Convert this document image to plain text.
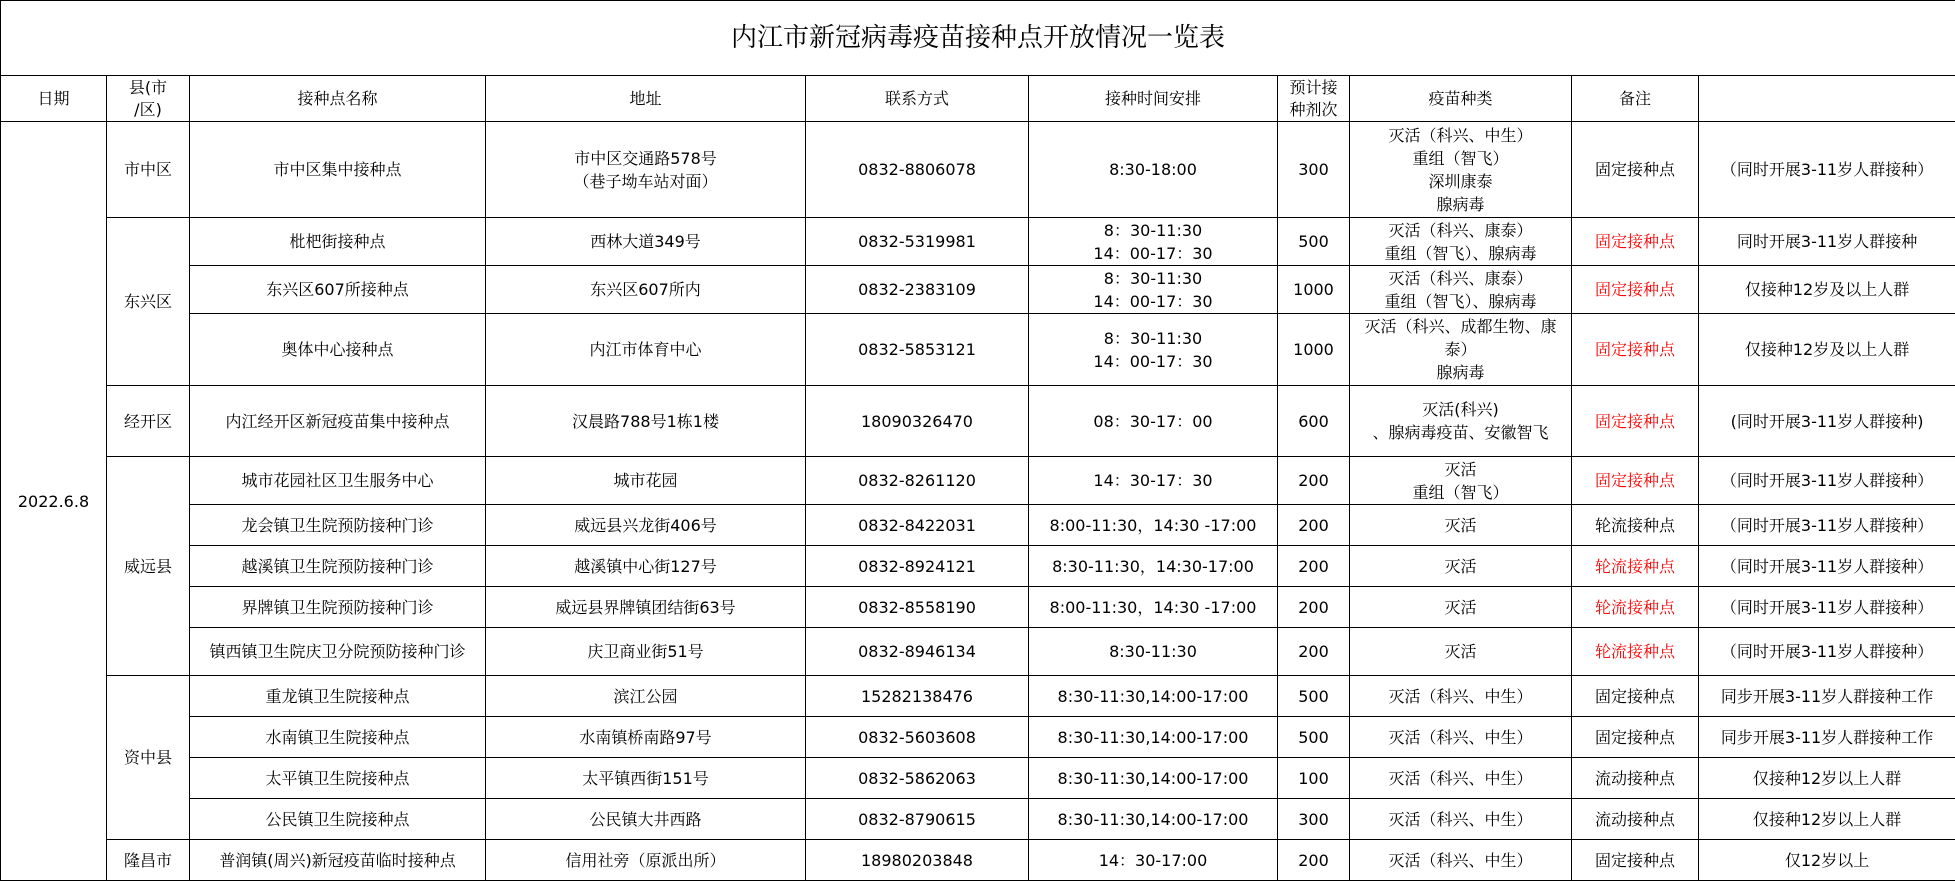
内江市新冠病毒疫苗接种点开放情况一览表									
日期	县(市
/区)	接种点名称	地址	联系方式	接种时间安排	预计接
种剂次	疫苗种类	备注	
2022.6.8	市中区	市中区集中接种点	市中区交通路578号
（巷子坳车站对面）	0832-8806078	8:30-18:00	300	灭活（科兴、中生）
重组（智飞）
深圳康泰
腺病毒	固定接种点	（同时开展3-11岁人群接种）
	东兴区	枇杷街接种点	西林大道349号	0832-5319981	8：30-11:30
14：00-17：30	500	灭活（科兴、康泰）
重组（智飞）、腺病毒	固定接种点	同时开展3-11岁人群接种
		东兴区607所接种点	东兴区607所内	0832-2383109	8：30-11:30
14：00-17：30	1000	灭活（科兴、康泰）
重组（智飞）、腺病毒	固定接种点	仅接种12岁及以上人群
		奥体中心接种点	内江市体育中心	0832-5853121	8：30-11:30
14：00-17：30	1000	灭活（科兴、成都生物、康
泰）
腺病毒	固定接种点	仅接种12岁及以上人群
	经开区	内江经开区新冠疫苗集中接种点	汉晨路788号1栋1楼	18090326470	08：30-17：00	600	灭活(科兴)
、腺病毒疫苗、安徽智飞	固定接种点	(同时开展3-11岁人群接种)
	威远县	城市花园社区卫生服务中心	城市花园	0832-8261120	14：30-17：30	200	灭活
重组（智飞）	固定接种点	（同时开展3-11岁人群接种）
		龙会镇卫生院预防接种门诊	威远县兴龙街406号	0832-8422031	8:00-11:30，14:30 -17:00	200	灭活	轮流接种点	（同时开展3-11岁人群接种）
		越溪镇卫生院预防接种门诊	越溪镇中心街127号	0832-8924121	8:30-11:30，14:30-17:00	200	灭活	轮流接种点	（同时开展3-11岁人群接种）
		界牌镇卫生院预防接种门诊	威远县界牌镇团结街63号	0832-8558190	8:00-11:30，14:30 -17:00	200	灭活	轮流接种点	（同时开展3-11岁人群接种）
		镇西镇卫生院庆卫分院预防接种门诊	庆卫商业街51号	0832-8946134	8:30-11:30	200	灭活	轮流接种点	（同时开展3-11岁人群接种）
	资中县	重龙镇卫生院接种点	滨江公园	15282138476	8:30-11:30,14:00-17:00	500	灭活（科兴、中生）	固定接种点	同步开展3-11岁人群接种工作
		水南镇卫生院接种点	水南镇桥南路97号	0832-5603608	8:30-11:30,14:00-17:00	500	灭活（科兴、中生）	固定接种点	同步开展3-11岁人群接种工作
		太平镇卫生院接种点	太平镇西街151号	0832-5862063	8:30-11:30,14:00-17:00	100	灭活（科兴、中生）	流动接种点	仅接种12岁以上人群
		公民镇卫生院接种点	公民镇大井西路	0832-8790615	8:30-11:30,14:00-17:00	300	灭活（科兴、中生）	流动接种点	仅接种12岁以上人群
	隆昌市	普润镇(周兴)新冠疫苗临时接种点	信用社旁（原派出所）	18980203848	14：30-17:00	200	灭活（科兴、中生）	固定接种点	仅12岁以上
